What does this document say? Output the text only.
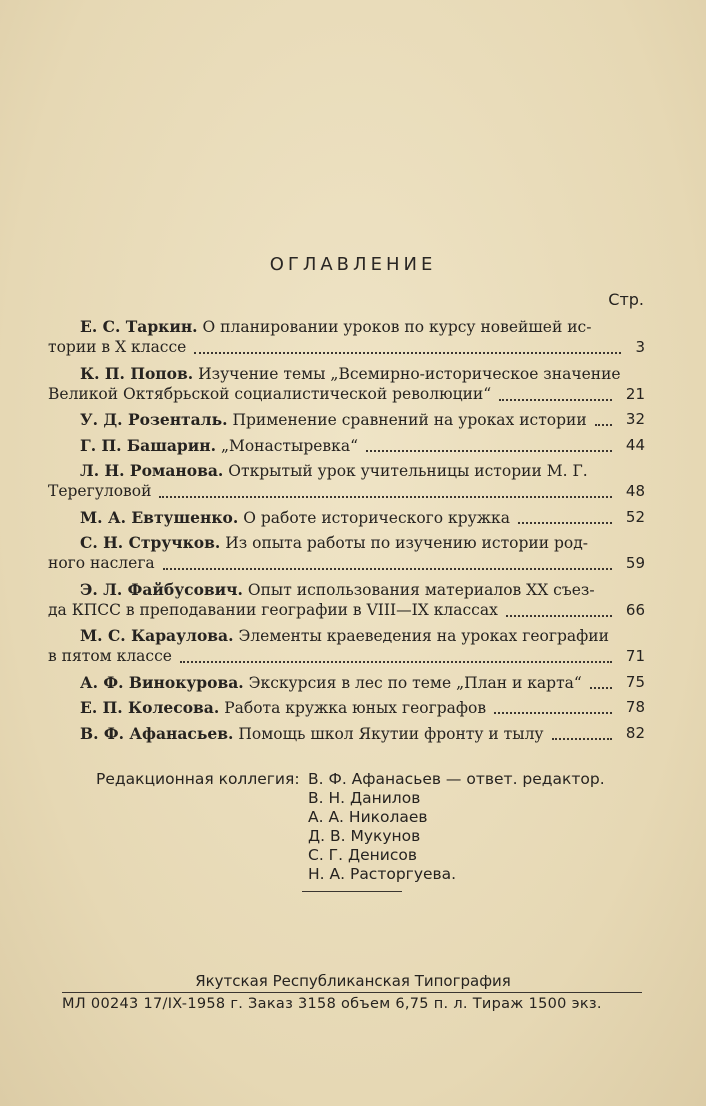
ОГЛАВЛЕНИЕ
Стр.
Е. С. Таркин. О планировании уроков по курсу новейшей ис-
тории в X классе	3
К. П. Попов. Изучение темы „Всемирно-историческое значение
Великой Октябрьской социалистической революции“	21
У. Д. Розенталь. Применение сравнений на уроках истории	32
Г. П. Башарин. „Монастыревка“	44
Л. Н. Романова. Открытый урок учительницы истории М. Г.
Терегуловой	48
М. А. Евтушенко. О работе исторического кружка	52
С. Н. Стручков. Из опыта работы по изучению истории род-
ного наслега	59
Э. Л. Файбусович. Опыт использования материалов XX съез-
да КПСС в преподавании географии в VIII—IX классах	66
М. С. Караулова. Элементы краеведения на уроках географии
в пятом классе	71
А. Ф. Винокурова. Экскурсия в лес по теме „План и карта“	75
Е. П. Колесова. Работа кружка юных географов	78
В. Ф. Афанасьев. Помощь школ Якутии фронту и тылу	82
Редакционная коллегия: В. Ф. Афанасьев — ответ. редактор.
В. Н. Данилов
А. А. Николаев
Д. В. Мукунов
С. Г. Денисов
Н. А. Расторгуева.
Якутская Республиканская Типография
МЛ 00243 17/IX-1958 г. Заказ 3158 объем 6,75 п. л. Тираж 1500 экз.
